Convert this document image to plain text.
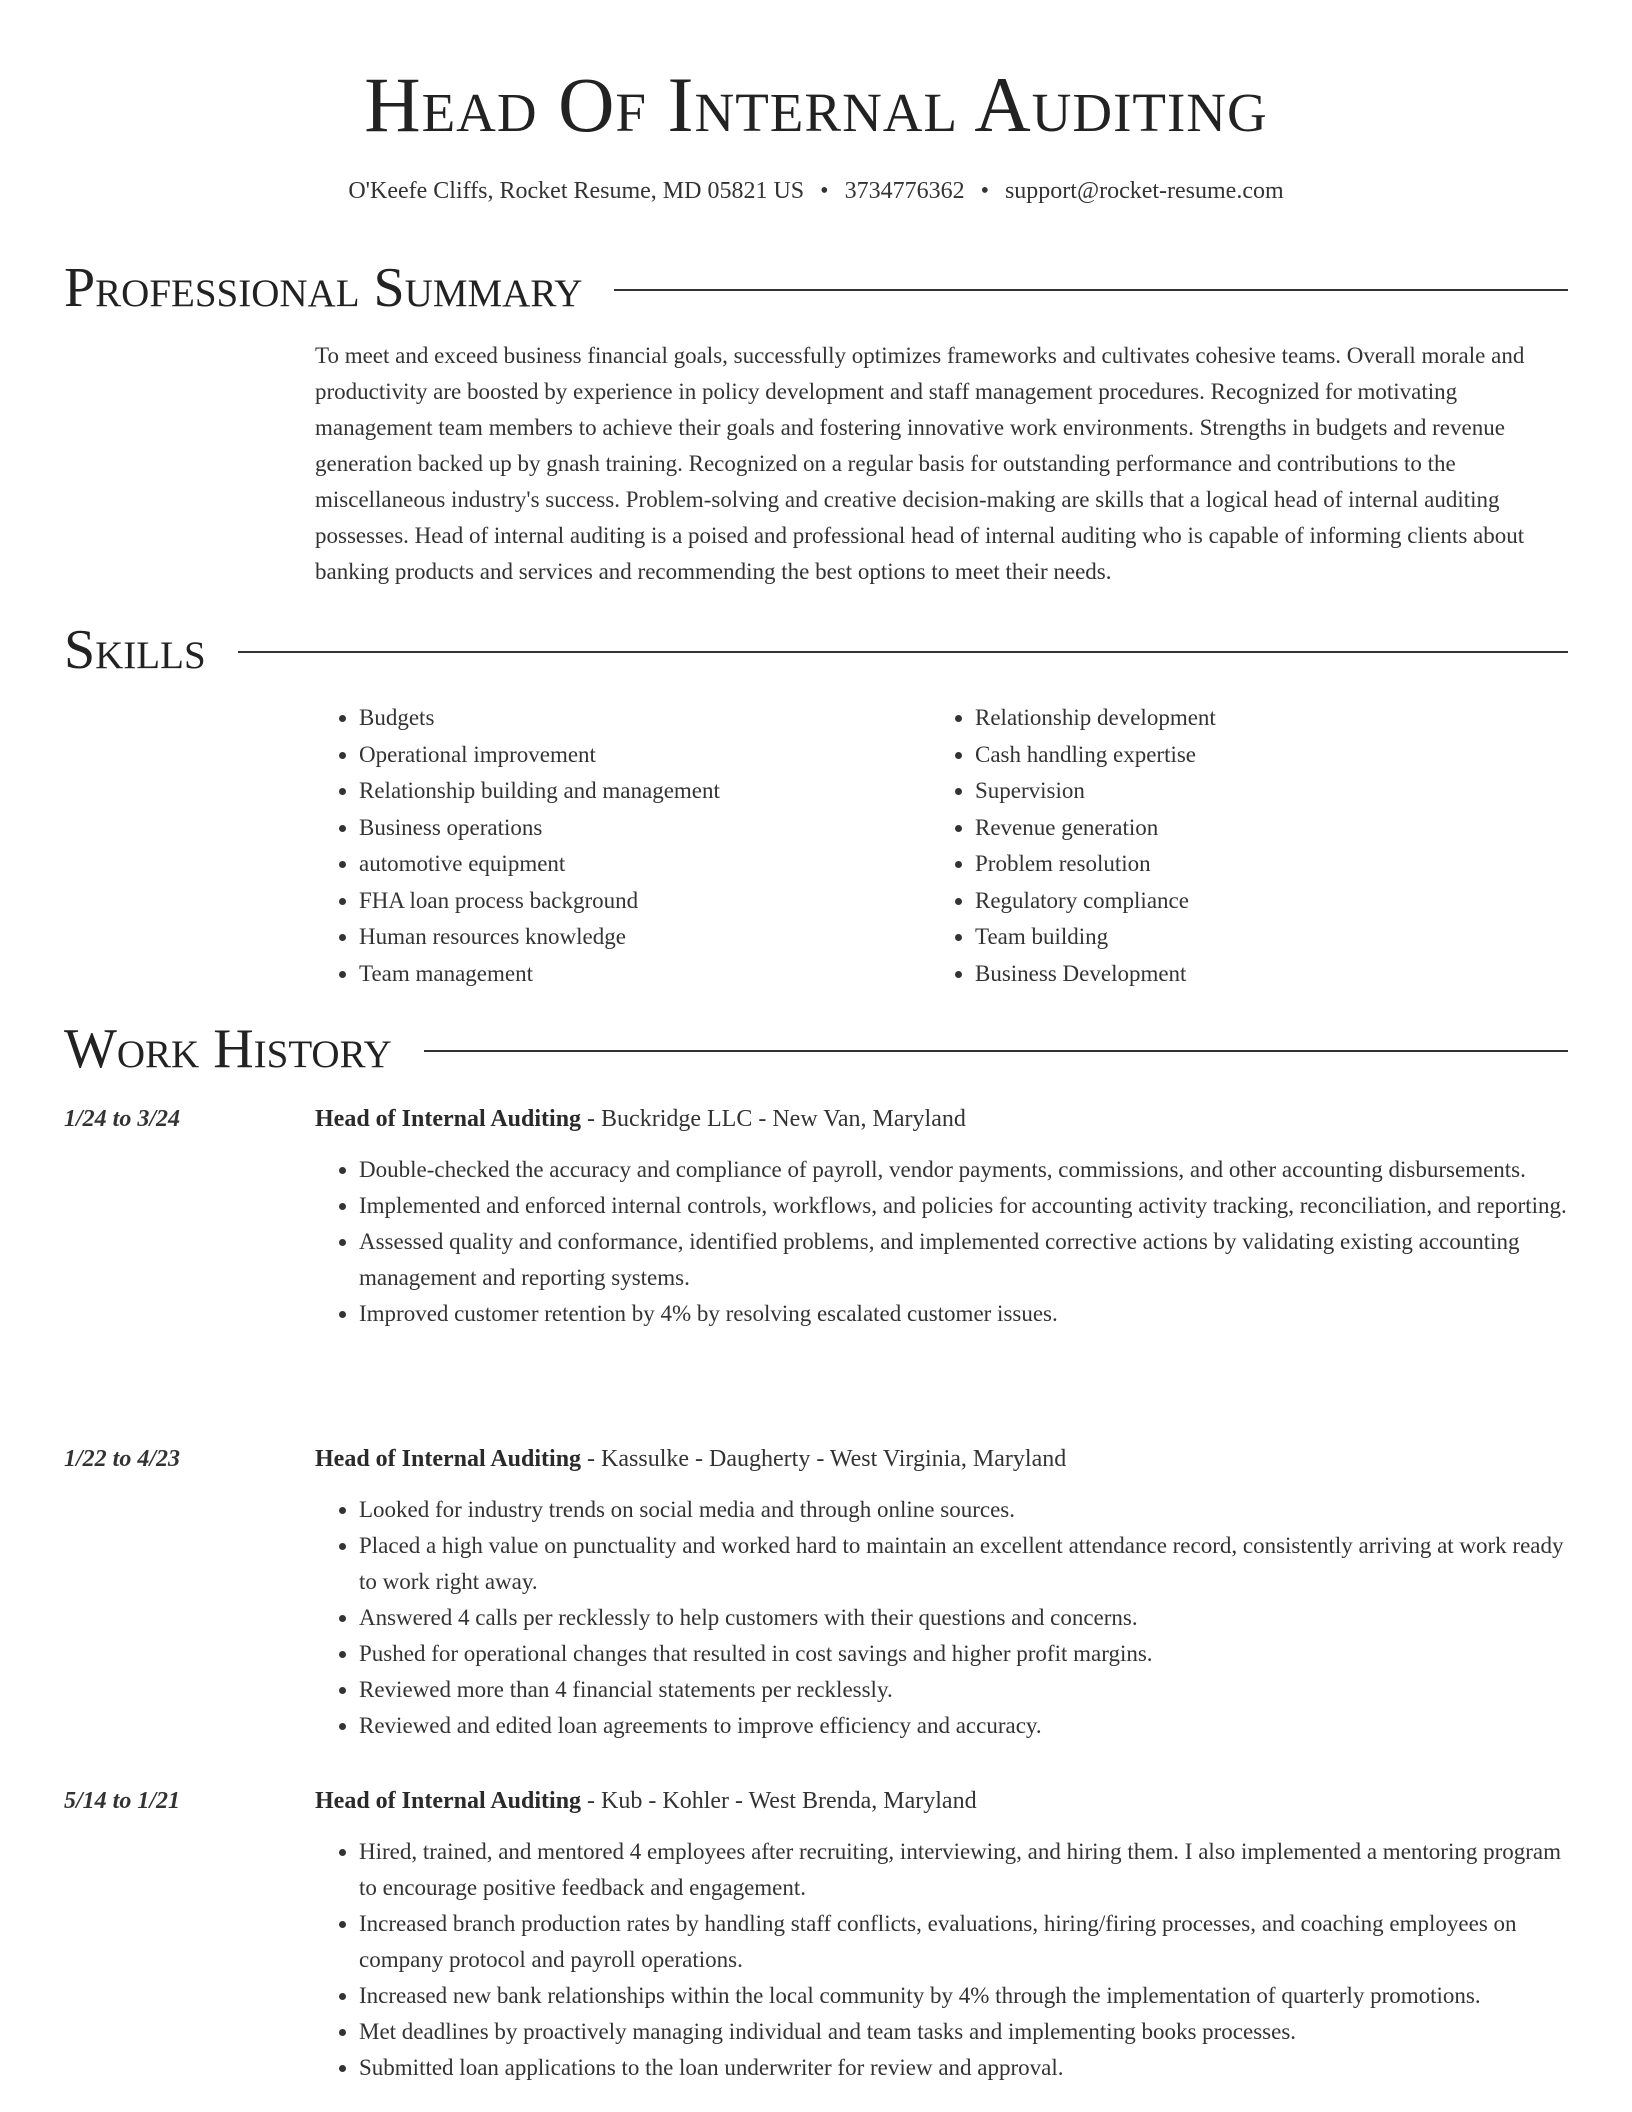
Head Of Internal Auditing
O'Keefe Cliffs, Rocket Resume, MD 05821 US • 3734776362 • support@rocket-resume.com
Professional Summary

To meet and exceed business financial goals, successfully optimizes frameworks and cultivates cohesive teams. Overall morale and productivity are boosted by experience in policy development and staff management procedures. Recognized for motivating management team members to achieve their goals and fostering innovative work environments. Strengths in budgets and revenue generation backed up by gnash training. Recognized on a regular basis for outstanding performance and contributions to the miscellaneous industry's success. Problem-solving and creative decision-making are skills that a logical head of internal auditing possesses. Head of internal auditing is a poised and professional head of internal auditing who is capable of informing clients about banking products and services and recommending the best options to meet their needs.

Skills
• Budgets
• Operational improvement
• Relationship building and management
• Business operations
• automotive equipment
• FHA loan process background
• Human resources knowledge
• Team management
• Relationship development
• Cash handling expertise
• Supervision
• Revenue generation
• Problem resolution
• Regulatory compliance
• Team building
• Business Development
Work History
1/24 to 3/24	Head of Internal Auditing - Buckridge LLC - New Van, Maryland
• Double-checked the accuracy and compliance of payroll, vendor payments, commissions, and other accounting disbursements.
• Implemented and enforced internal controls, workflows, and policies for accounting activity tracking, reconciliation, and reporting.
• Assessed quality and conformance, identified problems, and implemented corrective actions by validating existing accounting management and reporting systems.
• Improved customer retention by 4% by resolving escalated customer issues.
1/22 to 4/23	Head of Internal Auditing - Kassulke - Daugherty - West Virginia, Maryland
• Looked for industry trends on social media and through online sources.
• Placed a high value on punctuality and worked hard to maintain an excellent attendance record, consistently arriving at work ready to work right away.
• Answered 4 calls per recklessly to help customers with their questions and concerns.
• Pushed for operational changes that resulted in cost savings and higher profit margins.
• Reviewed more than 4 financial statements per recklessly.
• Reviewed and edited loan agreements to improve efficiency and accuracy.
5/14 to 1/21	Head of Internal Auditing - Kub - Kohler - West Brenda, Maryland
• Hired, trained, and mentored 4 employees after recruiting, interviewing, and hiring them. I also implemented a mentoring program to encourage positive feedback and engagement.
• Increased branch production rates by handling staff conflicts, evaluations, hiring/firing processes, and coaching employees on company protocol and payroll operations.
• Increased new bank relationships within the local community by 4% through the implementation of quarterly promotions.
• Met deadlines by proactively managing individual and team tasks and implementing books processes.
• Submitted loan applications to the loan underwriter for review and approval.
